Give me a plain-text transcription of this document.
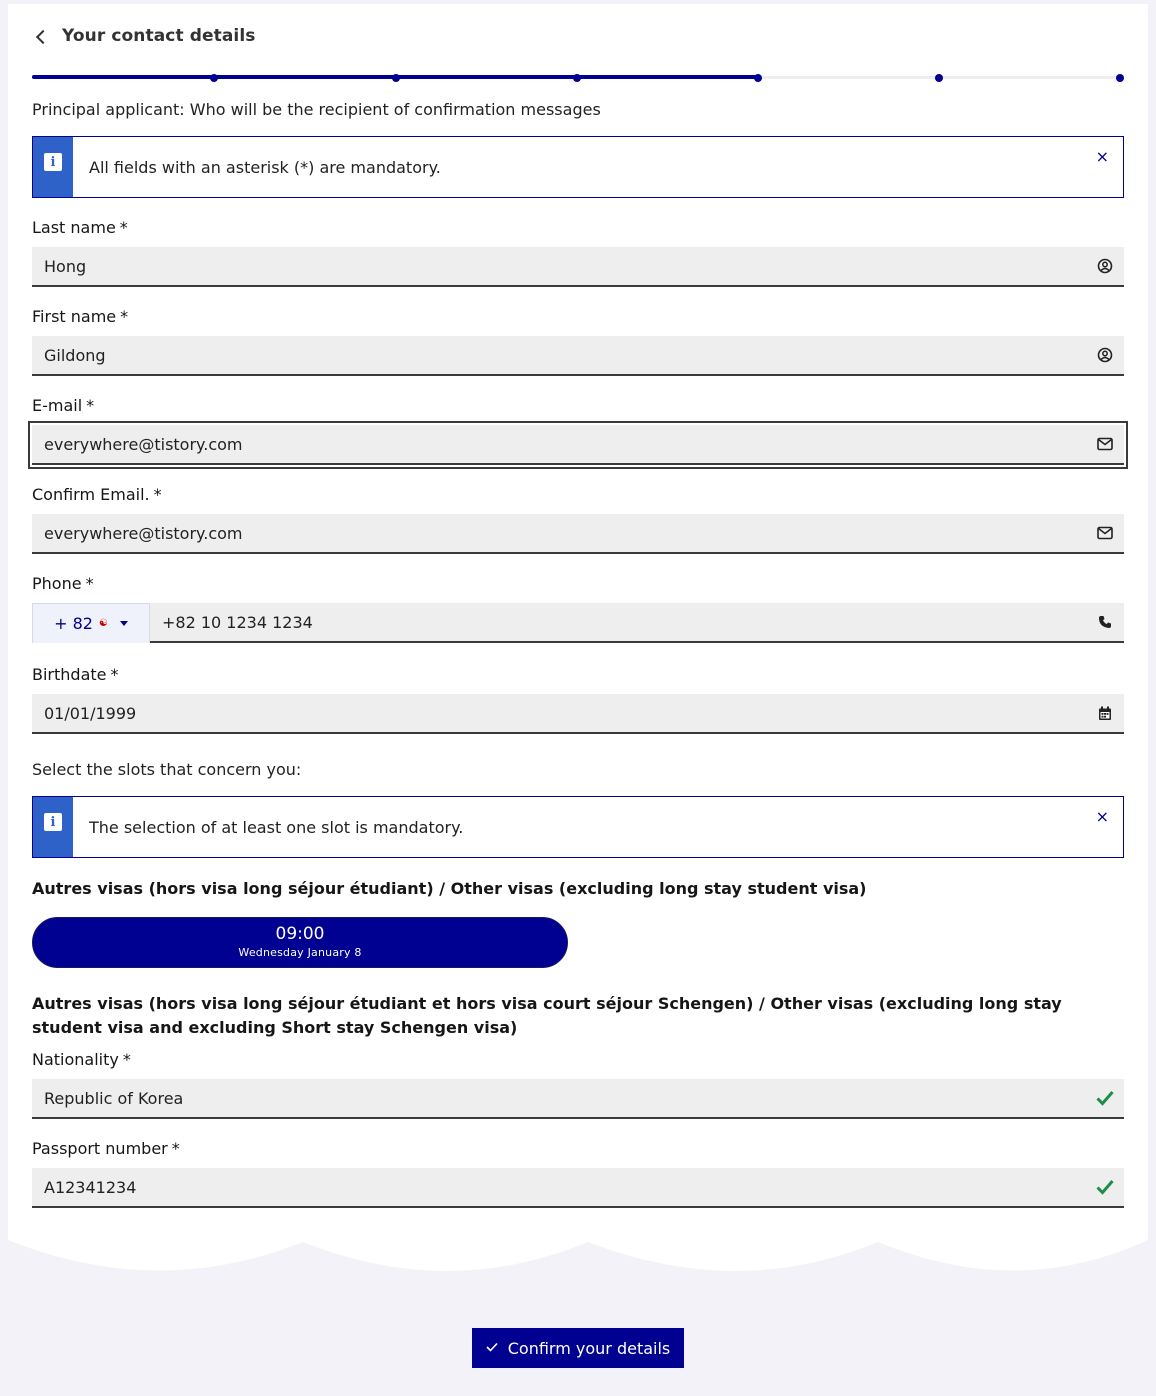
Your contact details
Principal applicant: Who will be the recipient of confirmation messages
i	All fields with an asterisk (*) are mandatory.
×
Last name *
Hong
First name *
Gildong
E-mail *
everywhere@tistory.com
Confirm Email. *
everywhere@tistory.com
Phone *
+ 82 ☯
+82 10 1234 1234
Birthdate *
01/01/1999
Select the slots that concern you:
i	The selection of at least one slot is mandatory.
×
Autres visas (hors visa long séjour étudiant) / Other visas (excluding long stay student visa)
09:00
Wednesday January 8
Autres visas (hors visa long séjour étudiant et hors visa court séjour Schengen) / Other visas (excluding long stay student visa and excluding Short stay Schengen visa)
Nationality *
Republic of Korea
Passport number *
A12341234
Confirm your details
